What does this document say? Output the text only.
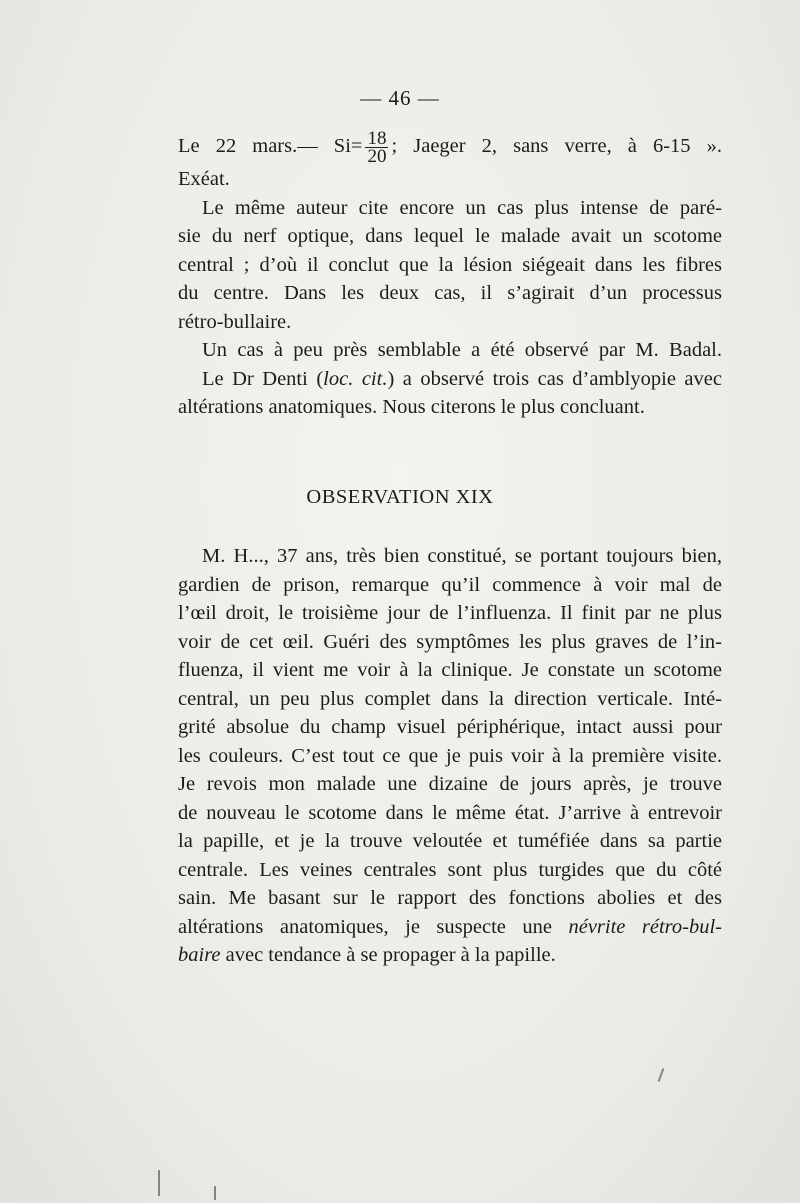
— 46 —
Le 22 mars.— $Si= \frac{18}{20}$ ; Jaeger 2, sans verre, à 6-15 ».
Exéat.
Le même auteur cite encore un cas plus intense de paré-
sie du nerf optique, dans lequel le malade avait un scotome
central ; d’où il conclut que la lésion siégeait dans les fibres
du centre. Dans les deux cas, il s’agirait d’un processus
rétro-bullaire.
Un cas à peu près semblable a été observé par M. Badal.
Le Dr Denti (loc. cit.) a observé trois cas d’amblyopie avec
altérations anatomiques. Nous citerons le plus concluant.
OBSERVATION XIX
M. H..., 37 ans, très bien constitué, se portant toujours bien,
gardien de prison, remarque qu’il commence à voir mal de
l’œil droit, le troisième jour de l’influenza. Il finit par ne plus
voir de cet œil. Guéri des symptômes les plus graves de l’in-
fluenza, il vient me voir à la clinique. Je constate un scotome
central, un peu plus complet dans la direction verticale. Inté-
grité absolue du champ visuel périphérique, intact aussi pour
les couleurs. C’est tout ce que je puis voir à la première visite.
Je revois mon malade une dizaine de jours après, je trouve
de nouveau le scotome dans le même état. J’arrive à entrevoir
la papille, et je la trouve veloutée et tuméfiée dans sa partie
centrale. Les veines centrales sont plus turgides que du côté
sain. Me basant sur le rapport des fonctions abolies et des
altérations anatomiques, je suspecte une névrite rétro-bul-
baire avec tendance à se propager à la papille.
